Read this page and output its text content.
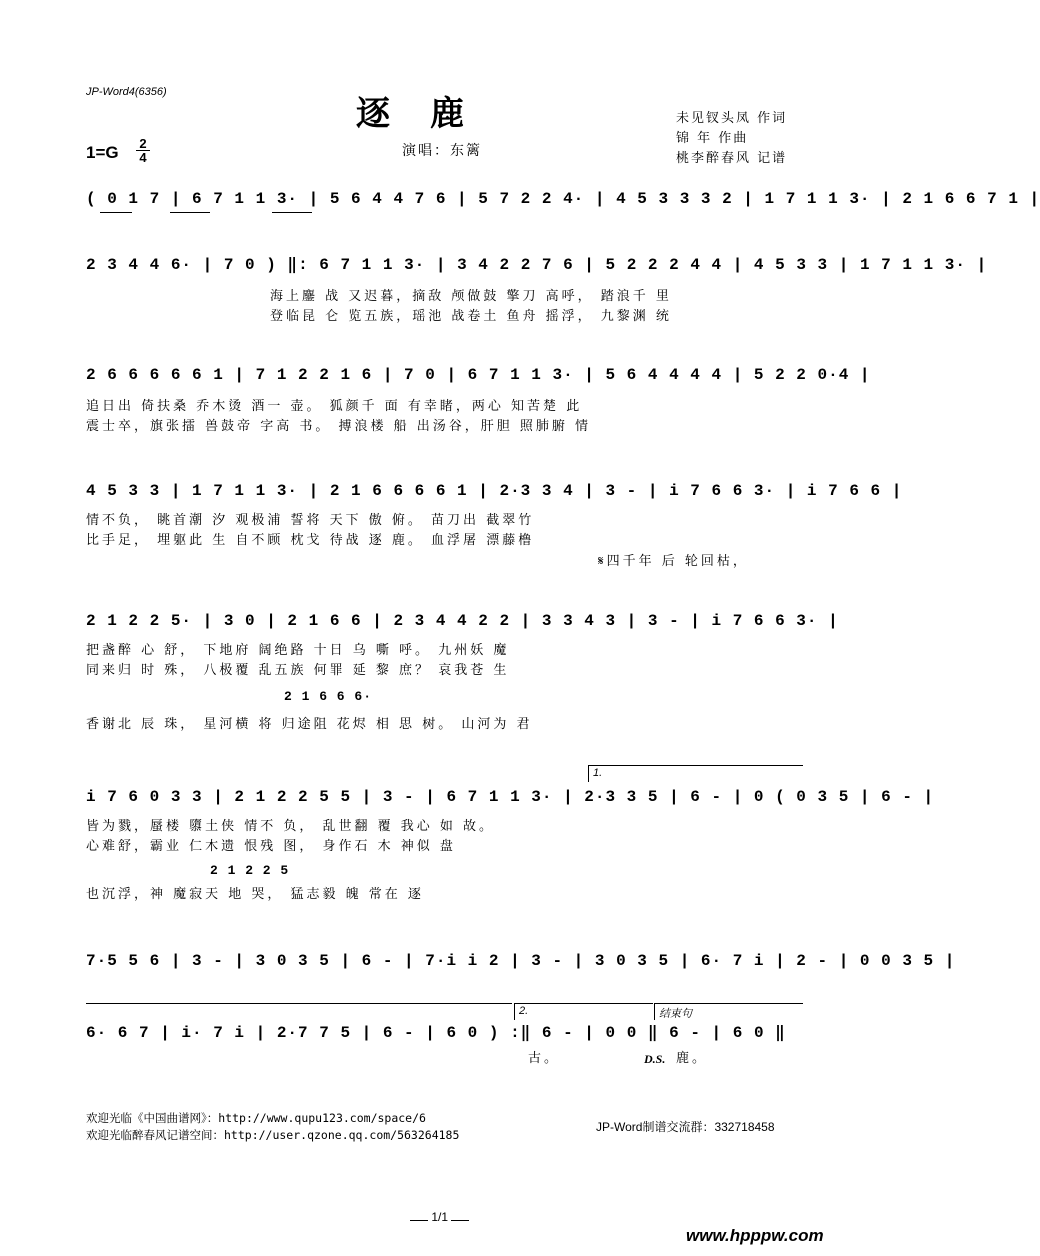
JP-Word4(6356)
逐鹿	未见钗头凤 作词
锦 年 作曲
桃李醉春风 记谱
1=G 2
4	演唱：东篱
( 0 1 7 | 6 7 1 1 3· | 5 6 4 4 7 6 | 5 7 2 2 4· | 4 5 3 3 3 2 | 1 7 1 1 3· | 2 1 6 6 7 1 |
2 3 4 4 6· | 7 0 ) ‖: 6 7 1 1 3· | 3 4 2 2 7 6 | 5 2 2 2 4 4 | 4 5 3 3 | 1 7 1 1 3· |
海上鏖 战 又迟暮，摘敌 颅做鼓 擎刀 高呼， 踏浪千 里
登临昆 仑 览五族，瑶池 战卷土 鱼舟 摇浮， 九黎渊 统
2 6 6 6 6 6 1 | 7 1 2 2 1 6 | 7 0 | 6 7 1 1 3· | 5 6 4 4 4 4 | 5 2 2 0·4 |
追日出 倚扶桑 乔木烫 酒一 壶。 狐颜千 面 有幸睹，两心 知苦楚 此
震士卒，旗张擂 兽鼓帝 字高 书。 搏浪楼 船 出汤谷，肝胆 照肺腑 情
4 5 3 3 | 1 7 1 1 3· | 2 1 6 6 6 6 1 | 2·3 3 4 | 3 - | i 7 6 6 3· | i 7 6 6 |
情不负， 眺首潮 汐 观极浦 誓将 天下 傲 俯。 苗刀出 截翠竹
比手足， 埋躯此 生 自不顾 枕戈 待战 逐 鹿。 血浮屠 漂藤橹
𝄋四千年 后 轮回枯，
2 1 2 2 5· | 3 0 | 2 1 6 6 | 2 3 4 4 2 2 | 3 3 4 3 | 3 - | i 7 6 6 3· |
把盏醉 心 舒， 下地府 阔绝路 十日 乌 嘶 呼。 九州妖 魔
同来归 时 殊， 八极覆 乱五族 何罪 延 黎 庶？ 哀我苍 生
2 1 6 6 6·
香谢北 辰 珠， 星河横 将 归途阻 花烬 相 思 树。 山河为 君
1.
i 7 6 0 3 3 | 2 1 2 2 5 5 | 3 - | 6 7 1 1 3· | 2·3 3 5 | 6 - | 0 ( 0 3 5 | 6 - |
皆为戮，蜃楼 隳土侠 情不 负， 乱世翻 覆 我心 如 故。
心难舒，霸业 仁木遗 恨残 图， 身作石 木 神似 盘
2 1 2 2 5
也沉浮，神 魔寂天 地 哭， 猛志毅 魄 常在 逐
7·5 5 6 | 3 - | 3 0 3 5 | 6 - | 7·i i 2 | 3 - | 3 0 3 5 | 6· 7 i | 2 - | 0 0 3 5 |
2.	结束句
6· 6 7 | i· 7 i | 2·7 7 5 | 6 - | 6 0 ) :‖ 6 - | 0 0 ‖ 6 - | 6 0 ‖
古。	D.S. 鹿。
欢迎光临《中国曲谱网》：http://www.qupu123.com/space/6
欢迎光临醉春风记谱空间：http://user.qzone.qq.com/563264185
JP-Word制谱交流群：332718458
1/1
www.hpppw.com
